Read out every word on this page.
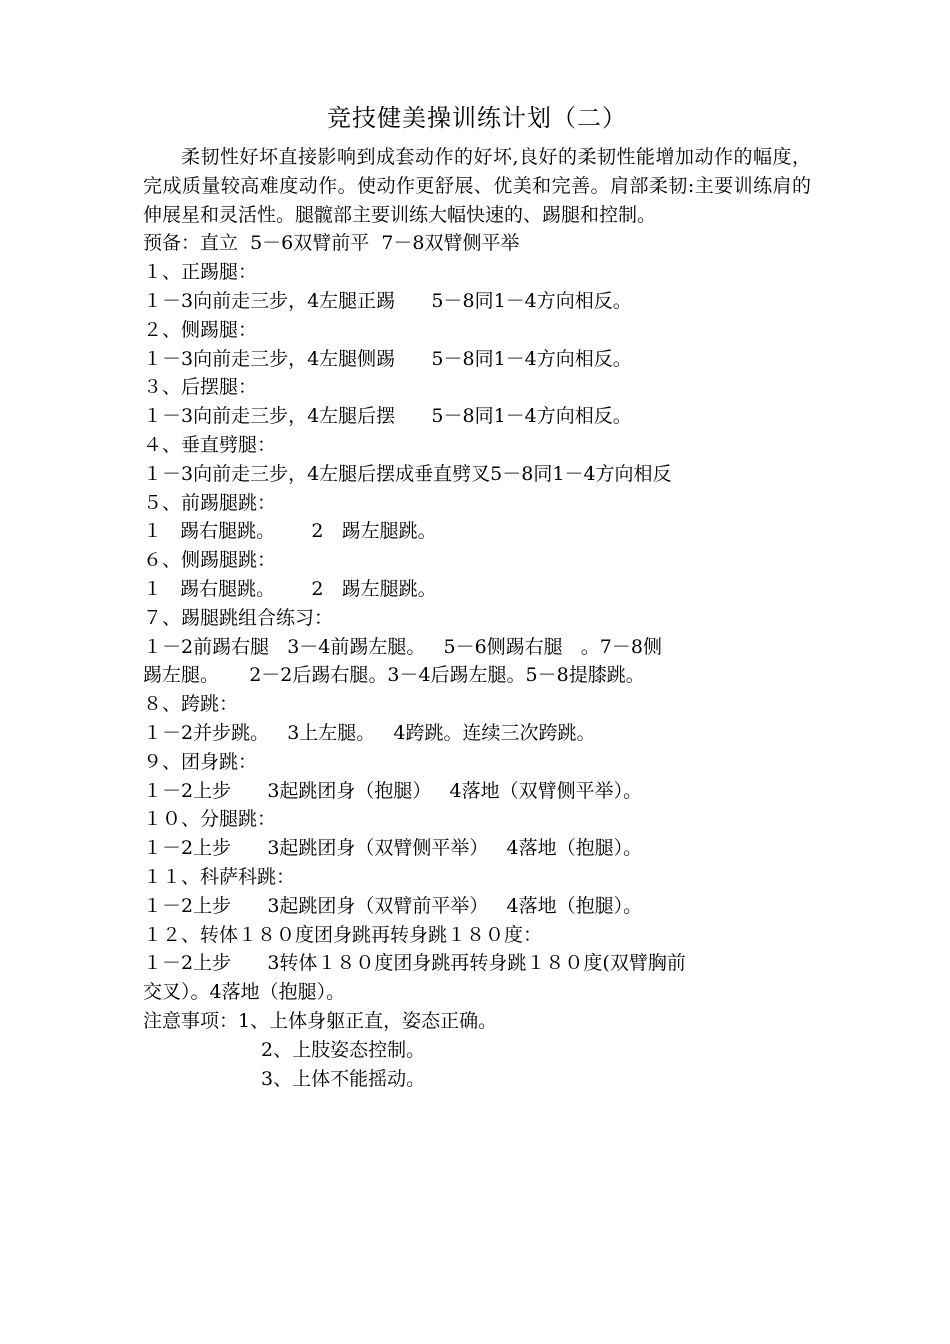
竞技健美操训练计划（二）

柔韧性好坏直接影响到成套动作的好坏,良好的柔韧性能增加动作的幅度，完成质量较高难度动作。使动作更舒展、优美和完善。肩部柔韧:主要训练肩的伸展星和灵活性。腿髋部主要训练大幅快速的、踢腿和控制。

预备：直立  5－6双臂前平  7－8双臂侧平举
１、正踢腿：
１－3向前走三步，4左腿正踢      5－8同1－4方向相反。
２、侧踢腿：
１－3向前走三步，4左腿侧踢      5－8同1－4方向相反。
３、后摆腿：
１－3向前走三步，4左腿后摆      5－8同1－4方向相反。
４、垂直劈腿：
１－3向前走三步，4左腿后摆成垂直劈叉5－8同1－4方向相反
５、前踢腿跳：
１   踢右腿跳。      2   踢左腿跳。
６、侧踢腿跳：
１   踢右腿跳。      2   踢左腿跳。
７、踢腿跳组合练习：
１－2前踢右腿   3－4前踢左腿。   5－6侧踢右腿   。7－8侧
踢左腿。     2－2后踢右腿。3－4后踢左腿。5－8提膝跳。
８、跨跳：
１－2并步跳。   3上左腿。   4跨跳。连续三次跨跳。
９、团身跳：
１－2上步      3起跳团身（抱腿）   4落地（双臂侧平举）。
１０、分腿跳：
１－2上步      3起跳团身（双臂侧平举）   4落地（抱腿）。
１１、科萨科跳：
１－2上步      3起跳团身（双臂前平举）   4落地（抱腿）。
１２、转体１８０度团身跳再转身跳１８０度：
１－2上步      3转体１８０度团身跳再转身跳１８０度(双臂胸前
交叉）。4落地（抱腿）。
注意事项：1、上体身躯正直，姿态正确。
2、上肢姿态控制。
3、上体不能摇动。
